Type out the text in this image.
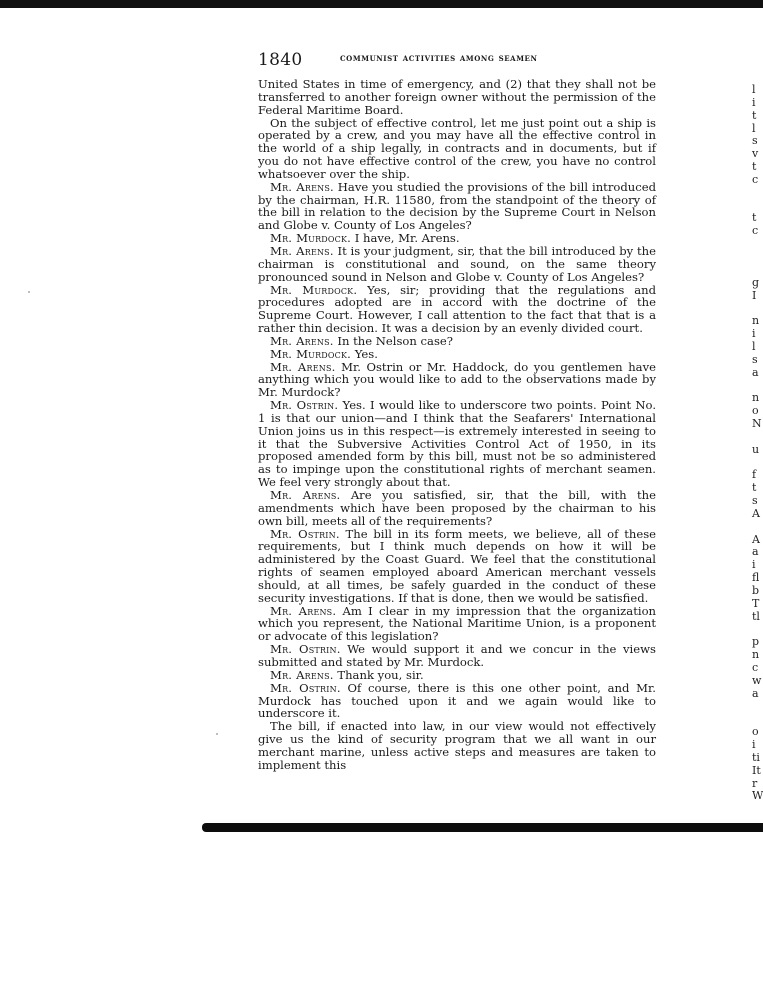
1840	communist activities among seamen

United States in time of emergency, and (2) that they shall not be transferred to another foreign owner without the permission of the Federal Maritime Board.

On the subject of effective control, let me just point out a ship is operated by a crew, and you may have all the effective control in the world of a ship legally, in contracts and in documents, but if you do not have effective control of the crew, you have no control whatsoever over the ship.

Mr. Arens. Have you studied the provisions of the bill introduced by the chairman, H.R. 11580, from the standpoint of the theory of the bill in relation to the decision by the Supreme Court in Nelson and Globe v. County of Los Angeles?

Mr. Murdock. I have, Mr. Arens.

Mr. Arens. It is your judgment, sir, that the bill introduced by the chairman is constitutional and sound, on the same theory pronounced sound in Nelson and Globe v. County of Los Angeles?

Mr. Murdock. Yes, sir; providing that the regulations and procedures adopted are in accord with the doctrine of the Supreme Court. However, I call attention to the fact that that is a rather thin decision. It was a decision by an evenly divided court.

Mr. Arens. In the Nelson case?

Mr. Murdock. Yes.

Mr. Arens. Mr. Ostrin or Mr. Haddock, do you gentlemen have anything which you would like to add to the observations made by Mr. Murdock?

Mr. Ostrin. Yes. I would like to underscore two points. Point No. 1 is that our union—and I think that the Seafarers' International Union joins us in this respect—is extremely interested in seeing to it that the Subversive Activities Control Act of 1950, in its proposed amended form by this bill, must not be so administered as to impinge upon the constitutional rights of merchant seamen. We feel very strongly about that.

Mr. Arens. Are you satisfied, sir, that the bill, with the amendments which have been proposed by the chairman to his own bill, meets all of the requirements?

Mr. Ostrin. The bill in its form meets, we believe, all of these requirements, but I think much depends on how it will be administered by the Coast Guard. We feel that the constitutional rights of seamen employed aboard American merchant vessels should, at all times, be safely guarded in the conduct of these security investigations. If that is done, then we would be satisfied.

Mr. Arens. Am I clear in my impression that the organization which you represent, the National Maritime Union, is a proponent or advocate of this legislation?

Mr. Ostrin. We would support it and we concur in the views submitted and stated by Mr. Murdock.

Mr. Arens. Thank you, sir.

Mr. Ostrin. Of course, there is this one other point, and Mr. Murdock has touched upon it and we again would like to underscore it.

The bill, if enacted into law, in our view would not effectively give us the kind of security program that we all want in our merchant marine, unless active steps and measures are taken to implement this

l
i
t
l
s
v
t
c
t
c
g
I
n
i
l
s
a
n
o
N
u
f
t
s
A
A
a
i
fl
b
T
tl
p
n
c
w
a
o
i
ti
It
r
W
